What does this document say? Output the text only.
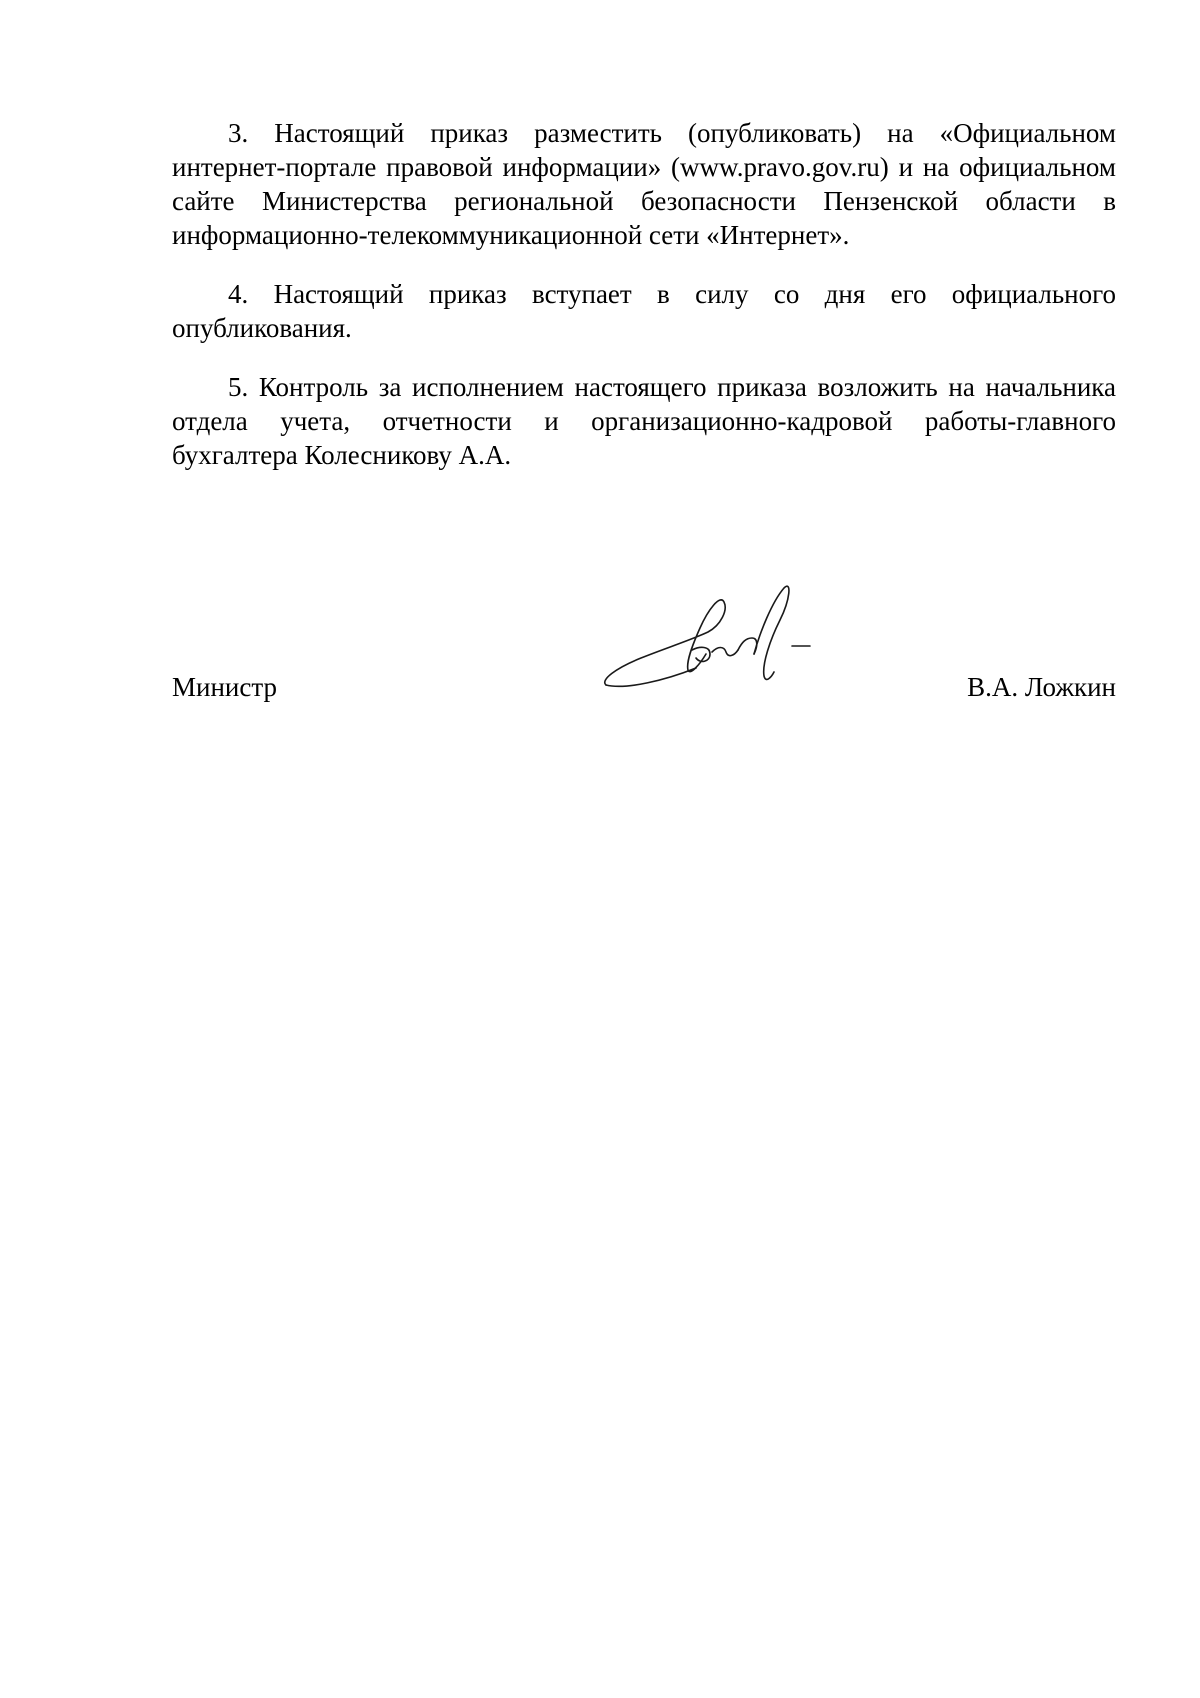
3. Настоящий приказ разместить (опубликовать) на «Официальном интернет-портале правовой информации» (www.pravo.gov.ru) и на официальном сайте Министерства региональной безопасности Пензенской области в информационно-телекоммуникационной сети «Интернет».

4. Настоящий приказ вступает в силу со дня его официального опубликования.

5. Контроль за исполнением настоящего приказа возложить на начальника отдела учета, отчетности и организационно-кадровой работы-главного бухгалтера Колесникову А.А.

Министр	В.А. Ложкин
